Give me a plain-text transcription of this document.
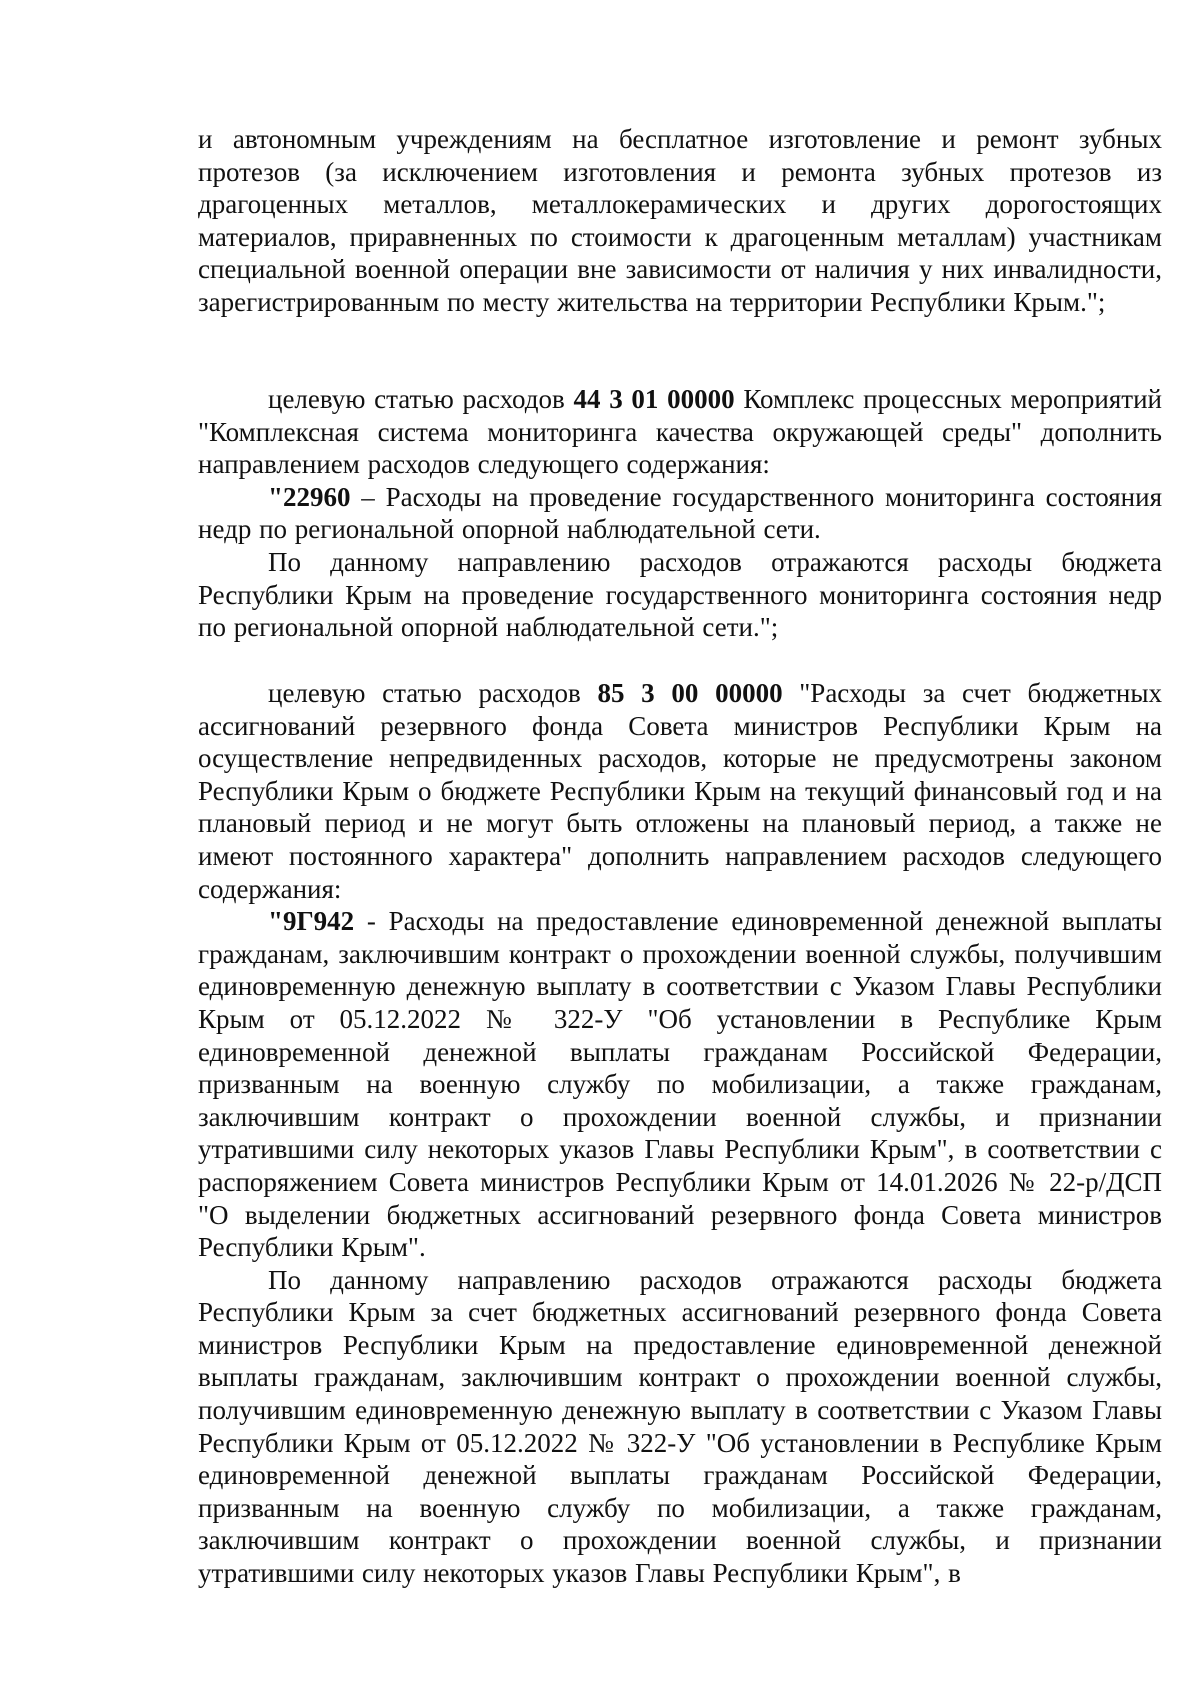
и автономным учреждениям на бесплатное изготовление и ремонт зубных протезов (за исключением изготовления и ремонта зубных протезов из драгоценных металлов, металлокерамических и других дорогостоящих материалов, приравненных по стоимости к драгоценным металлам) участникам специальной военной операции вне зависимости от наличия у них инвалидности, зарегистрированным по месту жительства на территории Республики Крым.";

целевую статью расходов 44 3 01 00000 Комплекс процессных мероприятий "Комплексная система мониторинга качества окружающей среды" дополнить направлением расходов следующего содержания:

"22960 – Расходы на проведение государственного мониторинга состояния недр по региональной опорной наблюдательной сети.

По данному направлению расходов отражаются расходы бюджета Республики Крым на проведение государственного мониторинга состояния недр по региональной опорной наблюдательной сети.";

целевую статью расходов 85 3 00 00000 "Расходы за счет бюджетных ассигнований резервного фонда Совета министров Республики Крым на осуществление непредвиденных расходов, которые не предусмотрены законом Республики Крым о бюджете Республики Крым на текущий финансовый год и на плановый период и не могут быть отложены на плановый период, а также не имеют постоянного характера" дополнить направлением расходов следующего содержания:

"9Г942 - Расходы на предоставление единовременной денежной выплаты гражданам, заключившим контракт о прохождении военной службы, получившим единовременную денежную выплату в соответствии с Указом Главы Республики Крым от 05.12.2022 № 322-У "Об установлении в Республике Крым единовременной денежной выплаты гражданам Российской Федерации, призванным на военную службу по мобилизации, а также гражданам, заключившим контракт о прохождении военной службы, и признании утратившими силу некоторых указов Главы Республики Крым", в соответствии с распоряжением Совета министров Республики Крым от 14.01.2026 № 22-р/ДСП "О выделении бюджетных ассигнований резервного фонда Совета министров Республики Крым".

По данному направлению расходов отражаются расходы бюджета Республики Крым за счет бюджетных ассигнований резервного фонда Совета министров Республики Крым на предоставление единовременной денежной выплаты гражданам, заключившим контракт о прохождении военной службы, получившим единовременную денежную выплату в соответствии с Указом Главы Республики Крым от 05.12.2022 № 322-У "Об установлении в Республике Крым единовременной денежной выплаты гражданам Российской Федерации, призванным на военную службу по мобилизации, а также гражданам, заключившим контракт о прохождении военной службы, и признании утратившими силу некоторых указов Главы Республики Крым", в
